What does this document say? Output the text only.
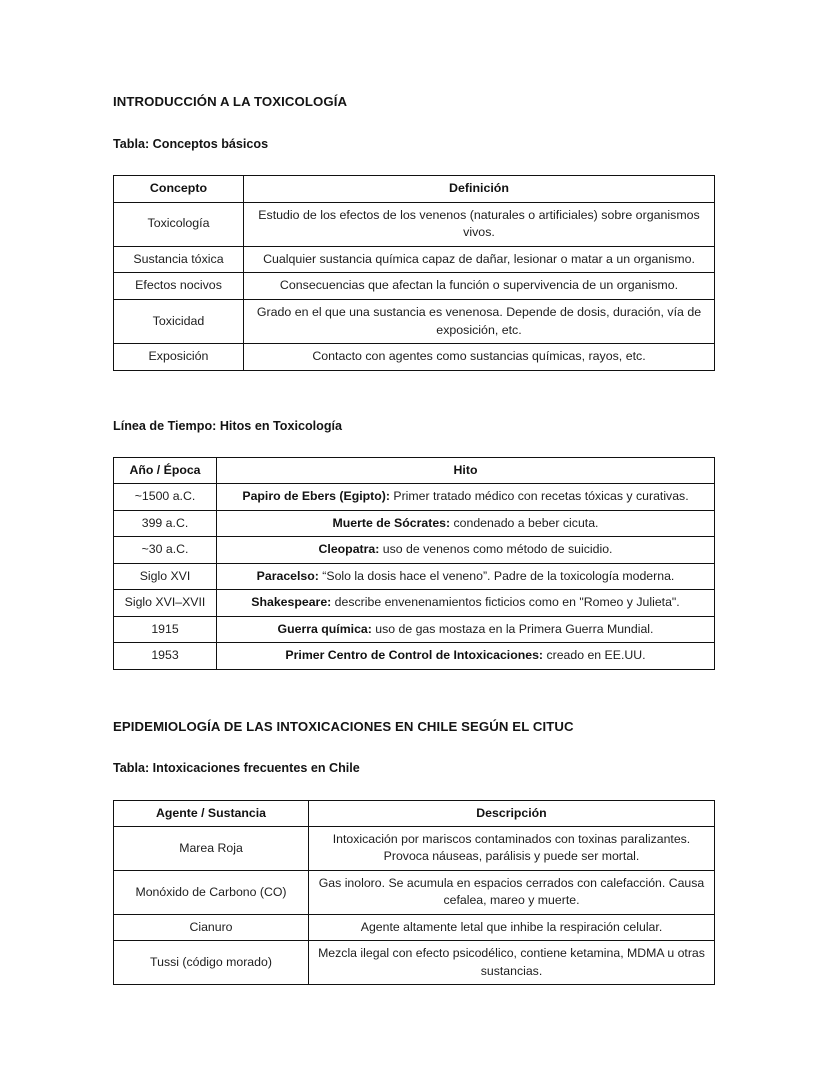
INTRODUCCIÓN A LA TOXICOLOGÍA
Tabla: Conceptos básicos
Concepto	Definición
Toxicología	Estudio de los efectos de los venenos (naturales o artificiales) sobre organismos vivos.
Sustancia tóxica	Cualquier sustancia química capaz de dañar, lesionar o matar a un organismo.
Efectos nocivos	Consecuencias que afectan la función o supervivencia de un organismo.
Toxicidad	Grado en el que una sustancia es venenosa. Depende de dosis, duración, vía de exposición, etc.
Exposición	Contacto con agentes como sustancias químicas, rayos, etc.
Línea de Tiempo: Hitos en Toxicología
Año / Época	Hito
~1500 a.C.	Papiro de Ebers (Egipto): Primer tratado médico con recetas tóxicas y curativas.
399 a.C.	Muerte de Sócrates: condenado a beber cicuta.
~30 a.C.	Cleopatra: uso de venenos como método de suicidio.
Siglo XVI	Paracelso: “Solo la dosis hace el veneno”. Padre de la toxicología moderna.
Siglo XVI–XVII	Shakespeare: describe envenenamientos ficticios como en "Romeo y Julieta".
1915	Guerra química: uso de gas mostaza en la Primera Guerra Mundial.
1953	Primer Centro de Control de Intoxicaciones: creado en EE.UU.
EPIDEMIOLOGÍA DE LAS INTOXICACIONES EN CHILE SEGÚN EL CITUC
Tabla: Intoxicaciones frecuentes en Chile
Agente / Sustancia	Descripción
Marea Roja	Intoxicación por mariscos contaminados con toxinas paralizantes. Provoca náuseas, parálisis y puede ser mortal.
Monóxido de Carbono (CO)	Gas inoloro. Se acumula en espacios cerrados con calefacción. Causa cefalea, mareo y muerte.
Cianuro	Agente altamente letal que inhibe la respiración celular.
Tussi (código morado)	Mezcla ilegal con efecto psicodélico, contiene ketamina, MDMA u otras sustancias.
